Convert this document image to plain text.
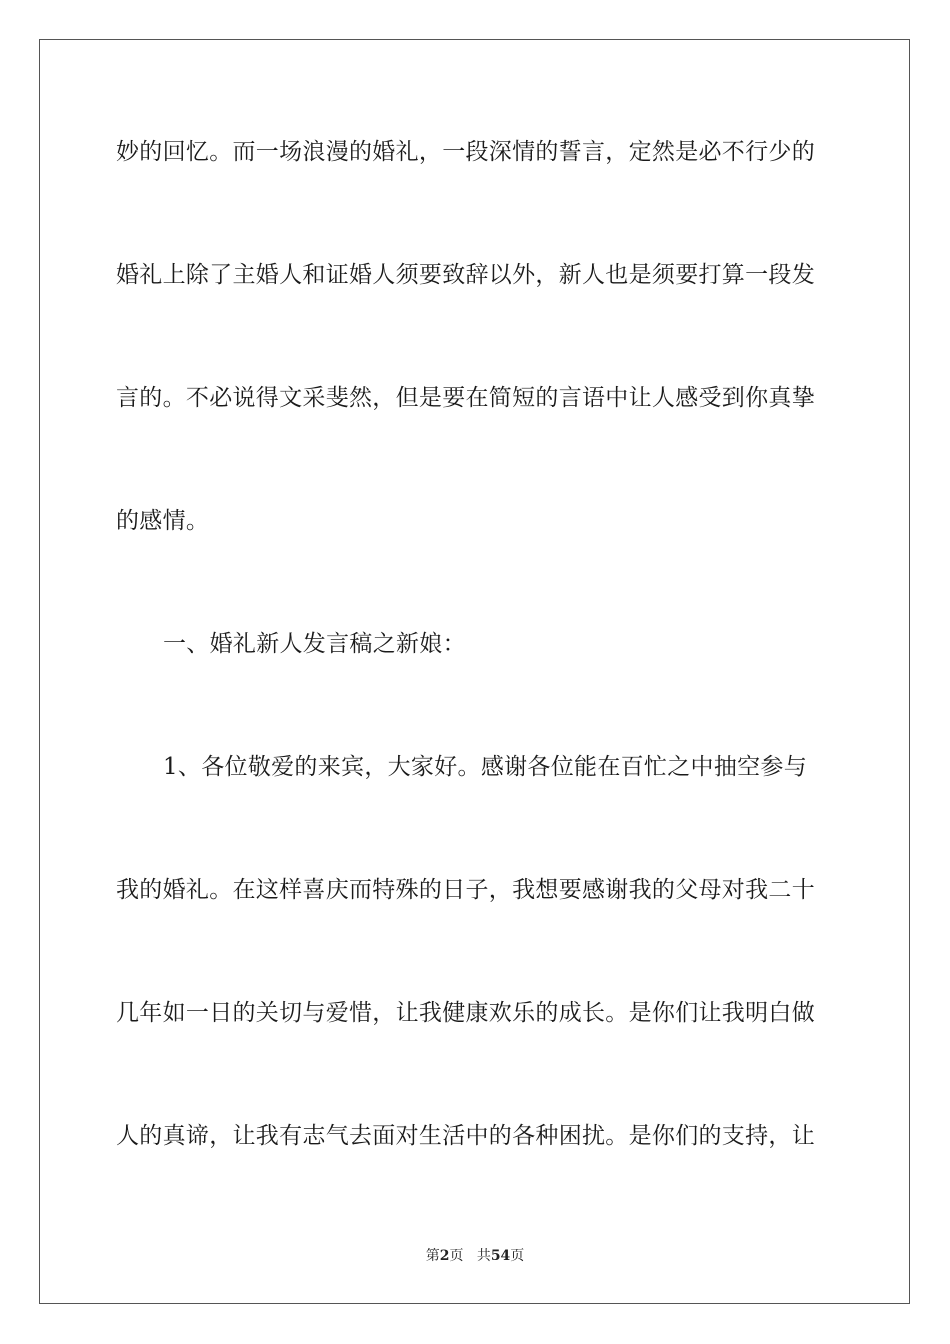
妙的回忆。而一场浪漫的婚礼，一段深情的誓言，定然是必不行少的
婚礼上除了主婚人和证婚人须要致辞以外，新人也是须要打算一段发
言的。不必说得文采斐然，但是要在简短的言语中让人感受到你真挚
的感情。
一、婚礼新人发言稿之新娘：
1、各位敬爱的来宾，大家好。感谢各位能在百忙之中抽空参与
我的婚礼。在这样喜庆而特殊的日子，我想要感谢我的父母对我二十
几年如一日的关切与爱惜，让我健康欢乐的成长。是你们让我明白做
人的真谛，让我有志气去面对生活中的各种困扰。是你们的支持，让
第2页 共54页
